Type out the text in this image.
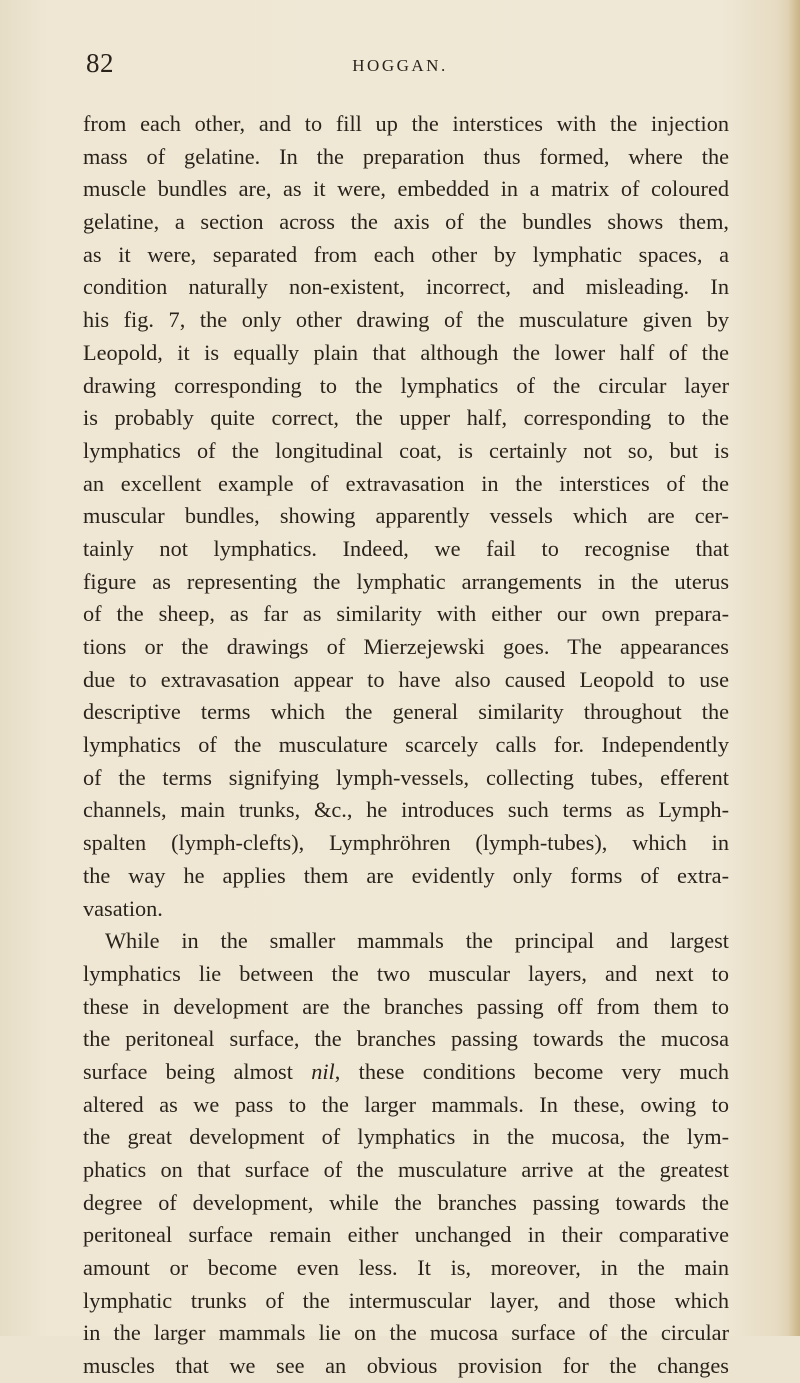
82	HOGGAN.
from each other, and to fill up the interstices with the injection
mass of gelatine. In the preparation thus formed, where the
muscle bundles are, as it were, embedded in a matrix of coloured
gelatine, a section across the axis of the bundles shows them,
as it were, separated from each other by lymphatic spaces, a
condition naturally non-existent, incorrect, and misleading. In
his fig. 7, the only other drawing of the musculature given by
Leopold, it is equally plain that although the lower half of the
drawing corresponding to the lymphatics of the circular layer
is probably quite correct, the upper half, corresponding to the
lymphatics of the longitudinal coat, is certainly not so, but is
an excellent example of extravasation in the interstices of the
muscular bundles, showing apparently vessels which are cer-
tainly not lymphatics. Indeed, we fail to recognise that
figure as representing the lymphatic arrangements in the uterus
of the sheep, as far as similarity with either our own prepara-
tions or the drawings of Mierzejewski goes. The appearances
due to extravasation appear to have also caused Leopold to use
descriptive terms which the general similarity throughout the
lymphatics of the musculature scarcely calls for. Independently
of the terms signifying lymph-vessels, collecting tubes, efferent
channels, main trunks, &c., he introduces such terms as Lymph-
spalten (lymph-clefts), Lymphröhren (lymph-tubes), which in
the way he applies them are evidently only forms of extra-
vasation.
While in the smaller mammals the principal and largest
lymphatics lie between the two muscular layers, and next to
these in development are the branches passing off from them to
the peritoneal surface, the branches passing towards the mucosa
surface being almost nil, these conditions become very much
altered as we pass to the larger mammals. In these, owing to
the great development of lymphatics in the mucosa, the lym-
phatics on that surface of the musculature arrive at the greatest
degree of development, while the branches passing towards the
peritoneal surface remain either unchanged in their comparative
amount or become even less. It is, moreover, in the main
lymphatic trunks of the intermuscular layer, and those which
in the larger mammals lie on the mucosa surface of the circular
muscles that we see an obvious provision for the changes
